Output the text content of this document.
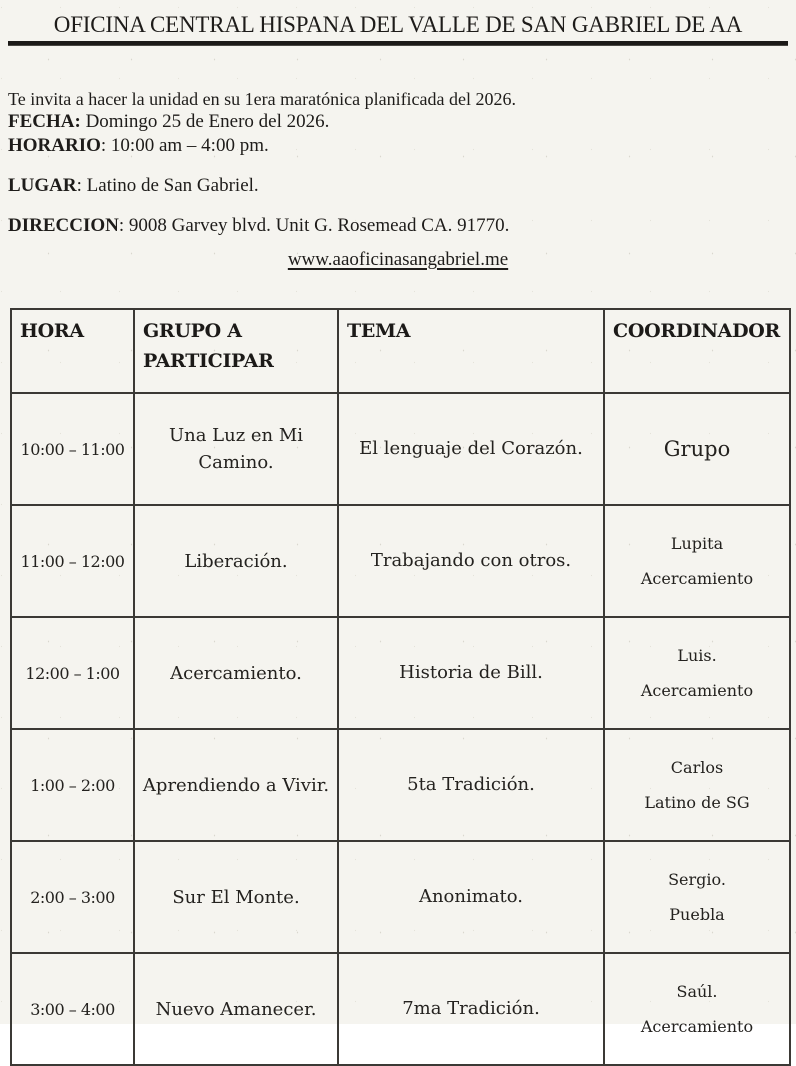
OFICINA CENTRAL HISPANA DEL VALLE DE SAN GABRIEL DE AA

Te invita a hacer la unidad en su 1era maratónica planificada del 2026.

FECHA: Domingo 25 de Enero del 2026.

HORARIO: 10:00 am – 4:00 pm.

LUGAR: Latino de San Gabriel.

DIRECCION: 9008 Garvey blvd. Unit G. Rosemead CA. 91770.

www.aaoficinasangabriel.me

HORA	GRUPO A PARTICIPAR	TEMA	COORDINADOR
10:00 – 11:00	Una Luz en Mi Camino.	El lenguaje del Corazón.	Grupo

11:00 – 12:00	Liberación.	Trabajando con otros.	Lupita
Acercamiento

12:00 – 1:00	Acercamiento.	Historia de Bill.	Luis.
Acercamiento

1:00 – 2:00	Aprendiendo a Vivir.	5ta Tradición.	Carlos
Latino de SG

2:00 – 3:00	Sur El Monte.	Anonimato.	Sergio.
Puebla

3:00 – 4:00	Nuevo Amanecer.	7ma Tradición.	Saúl.
Acercamiento
